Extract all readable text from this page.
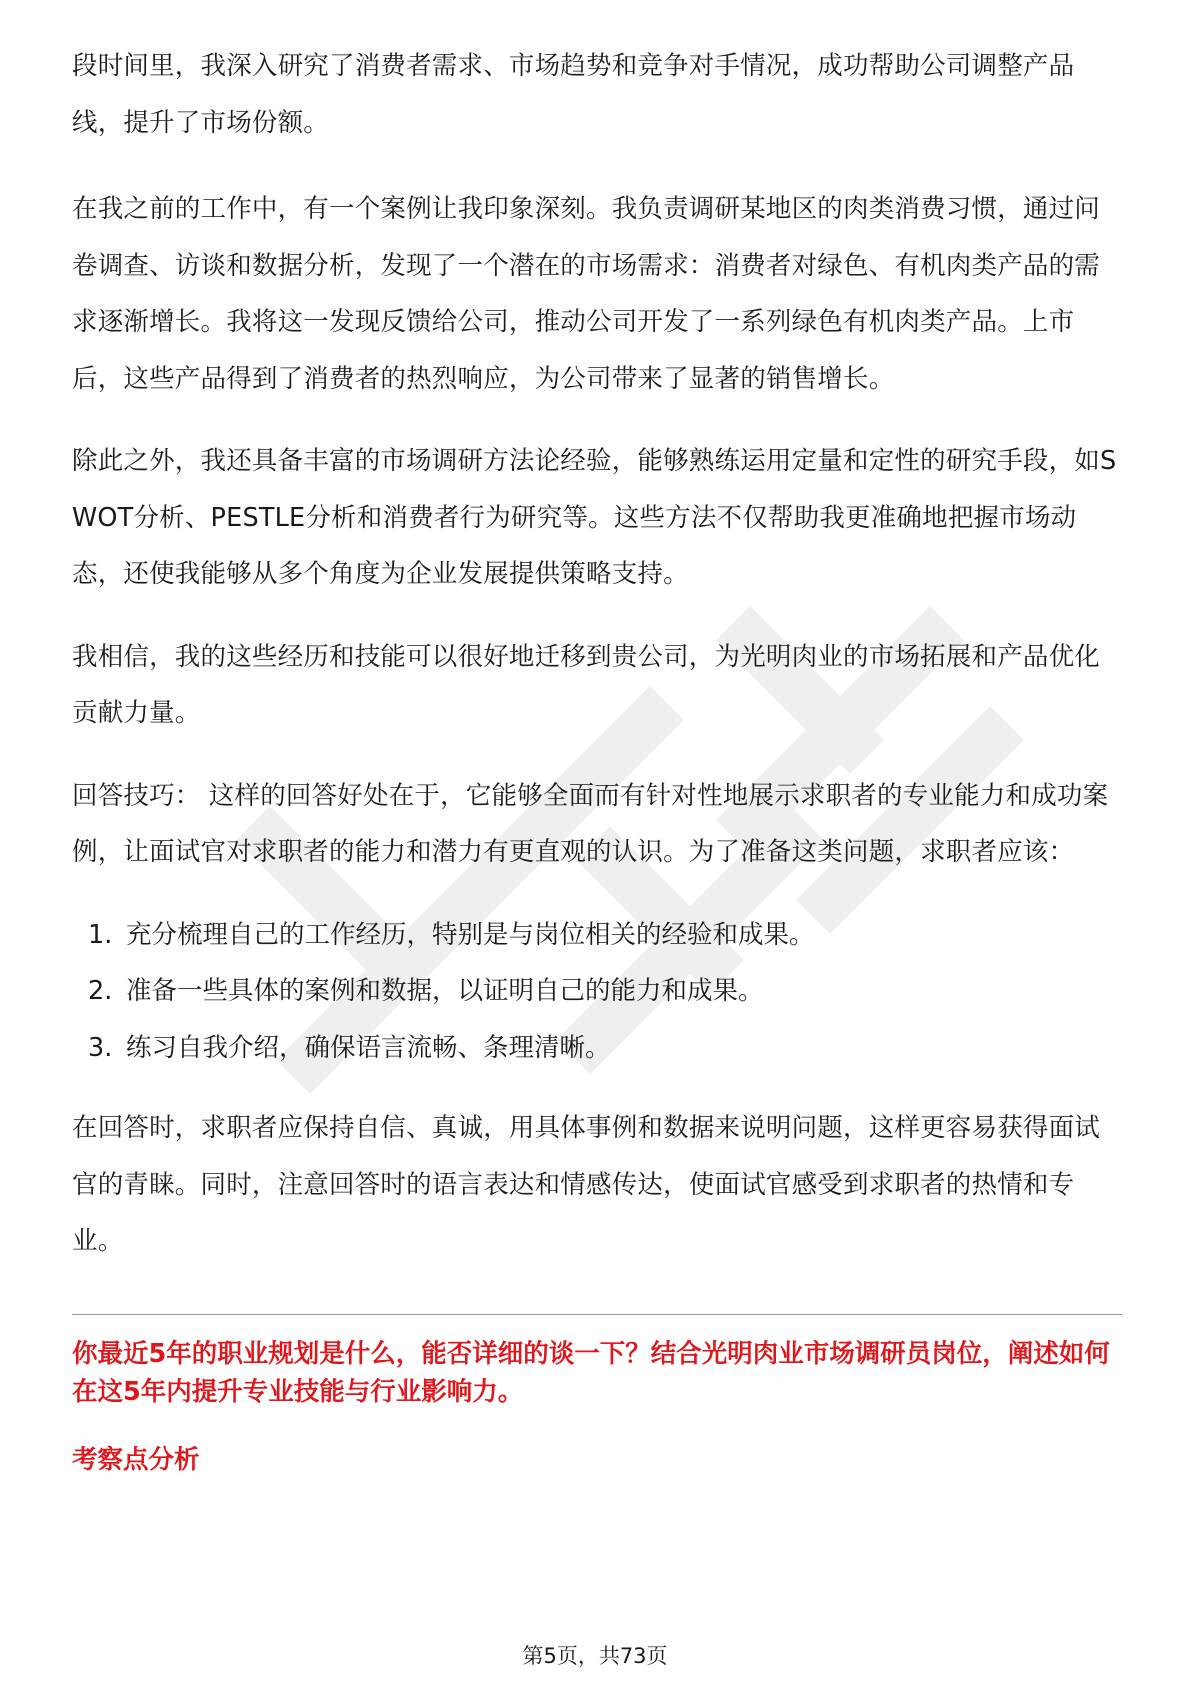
段时间里，我深入研究了消费者需求、市场趋势和竞争对手情况，成功帮助公司调整产品线，提升了市场份额。

在我之前的工作中，有一个案例让我印象深刻。我负责调研某地区的肉类消费习惯，通过问卷调查、访谈和数据分析，发现了一个潜在的市场需求：消费者对绿色、有机肉类产品的需求逐渐增长。我将这一发现反馈给公司，推动公司开发了一系列绿色有机肉类产品。上市后，这些产品得到了消费者的热烈响应，为公司带来了显著的销售增长。

除此之外，我还具备丰富的市场调研方法论经验，能够熟练运用定量和定性的研究手段，如SWOT分析、PESTLE分析和消费者行为研究等。这些方法不仅帮助我更准确地把握市场动态，还使我能够从多个角度为企业发展提供策略支持。

我相信，我的这些经历和技能可以很好地迁移到贵公司，为光明肉业的市场拓展和产品优化贡献力量。

回答技巧： 这样的回答好处在于，它能够全面而有针对性地展示求职者的专业能力和成功案例，让面试官对求职者的能力和潜力有更直观的认识。为了准备这类问题，求职者应该：

1. 充分梳理自己的工作经历，特别是与岗位相关的经验和成果。
2. 准备一些具体的案例和数据，以证明自己的能力和成果。
3. 练习自我介绍，确保语言流畅、条理清晰。

在回答时，求职者应保持自信、真诚，用具体事例和数据来说明问题，这样更容易获得面试官的青睐。同时，注意回答时的语言表达和情感传达，使面试官感受到求职者的热情和专业。

你最近5年的职业规划是什么，能否详细的谈一下？结合光明肉业市场调研员岗位，阐述如何在这5年内提升专业技能与行业影响力。

考察点分析

第5页，共73页
